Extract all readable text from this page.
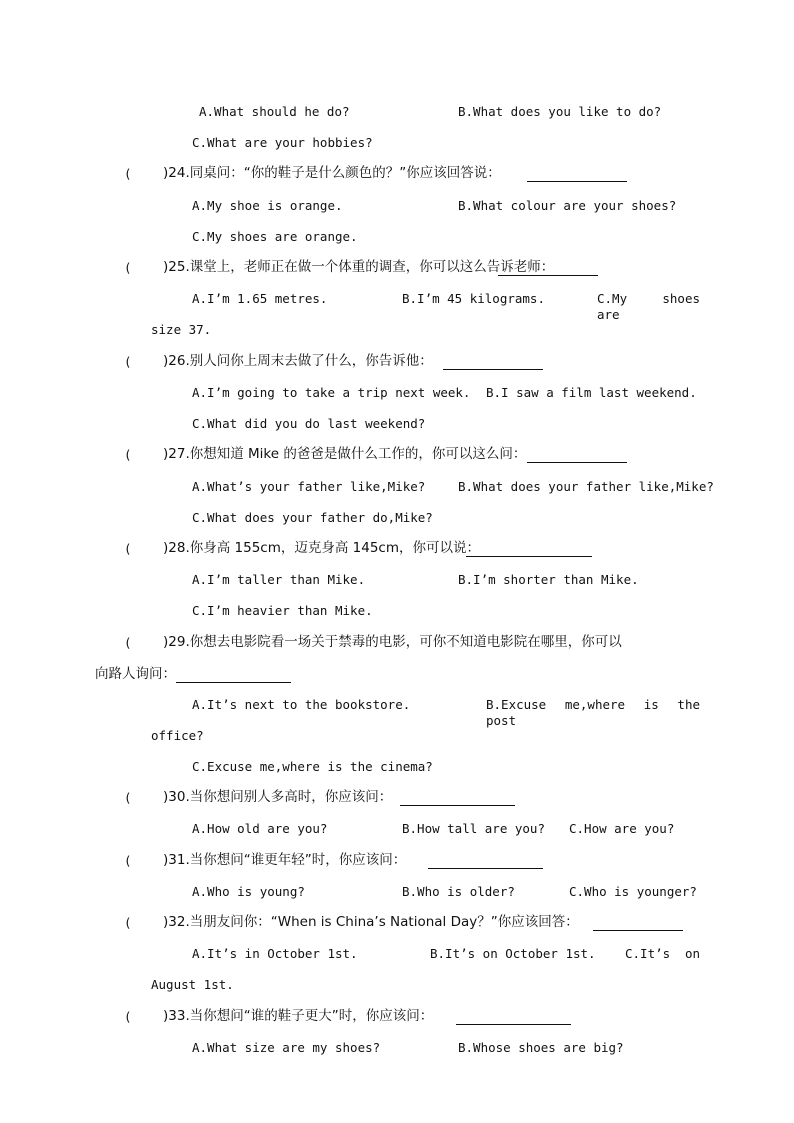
A.What should he do?	B.What does you like to do?
C.What are your hobbies?
( )24.同桌问：“你的鞋子是什么颜色的？”你应该回答说：
A.My shoe is orange.	B.What colour are your shoes?
C.My shoes are orange.
( )25.课堂上，老师正在做一个体重的调查，你可以这么告诉老师：
A.I’m 1.65 metres.	B.I’m 45 kilograms.	C.My shoes are
size 37.
( )26.别人问你上周末去做了什么，你告诉他：
A.I’m going to take a trip next week. B.I saw a film last weekend.
C.What did you do last weekend?
( )27.你想知道 Mike 的爸爸是做什么工作的，你可以这么问：
A.What’s your father like,Mike?	B.What does your father like,Mike?
C.What does your father do,Mike?
( )28.你身高 155cm，迈克身高 145cm，你可以说：
A.I’m taller than Mike.	B.I’m shorter than Mike.
C.I’m heavier than Mike.
( )29.你想去电影院看一场关于禁毒的电影，可你不知道电影院在哪里，你可以
向路人询问：
A.It’s next to the bookstore.	B.Excuse me,where is the post
office?
C.Excuse me,where is the cinema?
( )30.当你想问别人多高时，你应该问：
A.How old are you?	B.How tall are you? C.How are you?
( )31.当你想问“谁更年轻”时，你应该问：
A.Who is young?	B.Who is older?	C.Who is younger?
( )32.当朋友问你：“When is China’s National Day？”你应该回答：
A.It’s in October 1st.	B.It’s on October 1st. C.It’s on
August 1st.
( )33.当你想问“谁的鞋子更大”时，你应该问：
A.What size are my shoes?	B.Whose shoes are big?
